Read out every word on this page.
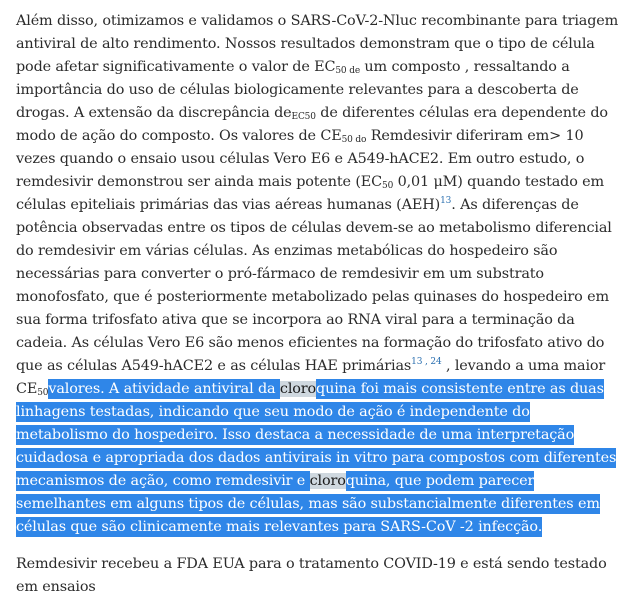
Além disso, otimizamos e validamos o SARS-CoV-2-Nluc recombinante para triagem antiviral de alto rendimento. Nossos resultados demonstram que o tipo de célula pode afetar significativamente o valor de $EC_{50 de}$ um composto , ressaltando a importância do uso de células biologicamente relevantes para a descoberta de drogas. A extensão da discrepância $de_{EC50}$ de diferentes células era dependente do modo de ação do composto. Os valores de $CE_{50 do}$ Remdesivir diferiram em> 10 vezes quando o ensaio usou células Vero E6 e A549-hACE2. Em outro estudo, o remdesivir demonstrou ser ainda mais potente ($EC_{50}$ 0,01 μM) quando testado em células epiteliais primárias das vias aéreas humanas (AEH)$^{13}$. As diferenças de potência observadas entre os tipos de células devem-se ao metabolismo diferencial do remdesivir em várias células. As enzimas metabólicas do hospedeiro são necessárias para converter o pró-fármaco de remdesivir em um substrato monofosfato, que é posteriormente metabolizado pelas quinases do hospedeiro em sua forma trifosfato ativa que se incorpora ao RNA viral para a terminação da cadeia. As células Vero E6 são menos eficientes na formação do trifosfato ativo do que as células A549-hACE2 e as células HAE primárias$^{13 , 24}$ , levando a uma maior $CE_{50}valores$. A atividade antiviral da cloroquina foi mais consistente entre as duas linhagens testadas, indicando que seu modo de ação é independente do metabolismo do hospedeiro. Isso destaca a necessidade de uma interpretação cuidadosa e apropriada dos dados antivirais in vitro para compostos com diferentes mecanismos de ação, como remdesivir e cloroquina, que podem parecer semelhantes em alguns tipos de células, mas são substancialmente diferentes em células que são clinicamente mais relevantes para SARS-CoV -2 infecção.

Remdesivir recebeu a FDA EUA para o tratamento COVID-19 e está sendo testado em ensaios
